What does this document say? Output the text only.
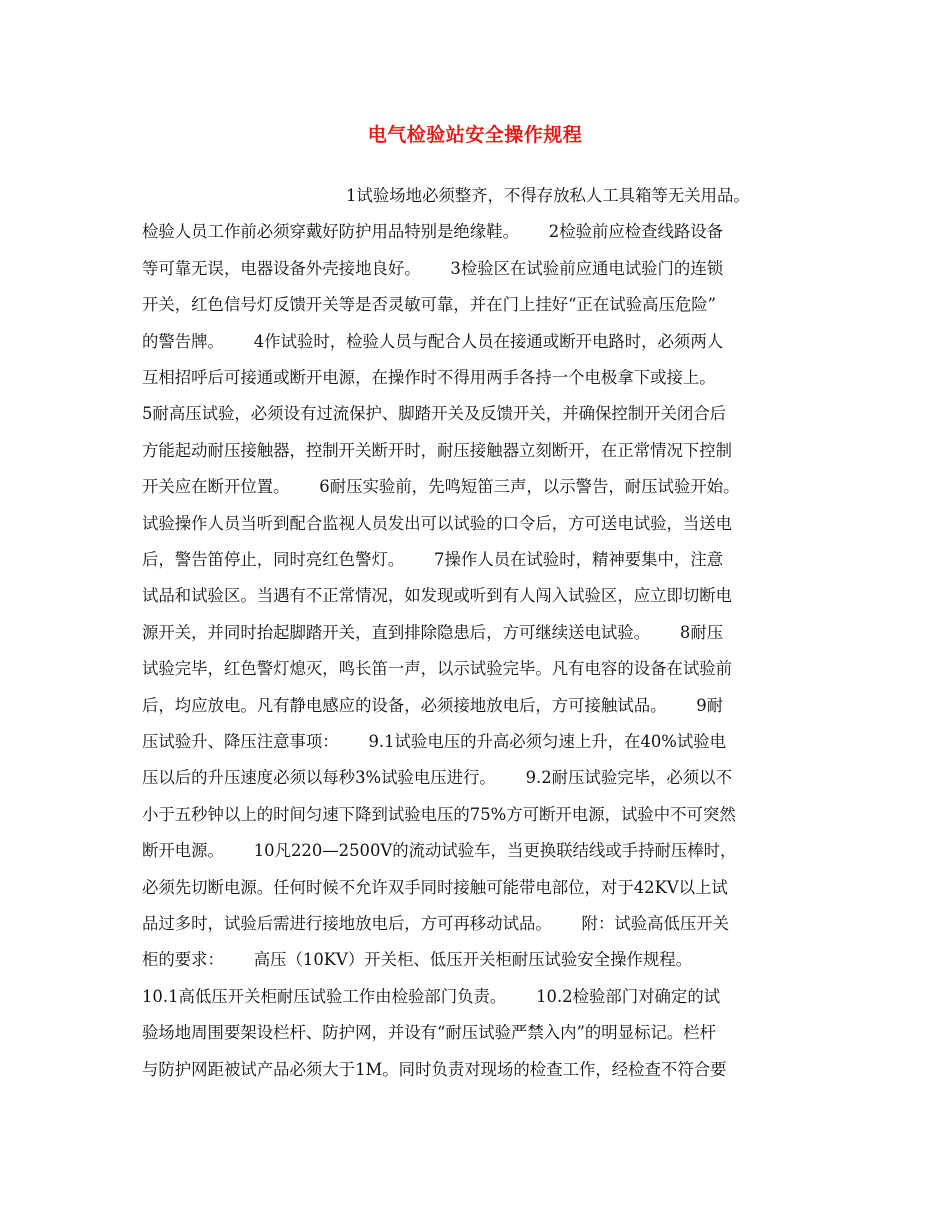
电气检验站安全操作规程
1试验场地必须整齐，不得存放私人工具箱等无关用品。
检验人员工作前必须穿戴好防护用品特别是绝缘鞋。　　 2检验前应检查线路设备
等可靠无误，电器设备外壳接地良好。　　 3检验区在试验前应通电试验门的连锁
开关，红色信号灯反馈开关等是否灵敏可靠，并在门上挂好“正在试验高压危险”
的警告牌。　　 4作试验时，检验人员与配合人员在接通或断开电路时，必须两人
互相招呼后可接通或断开电源，在操作时不得用两手各持一个电极拿下或接上。
5耐高压试验，必须设有过流保护、脚踏开关及反馈开关，并确保控制开关闭合后
方能起动耐压接触器，控制开关断开时，耐压接触器立刻断开，在正常情况下控制
开关应在断开位置。　　 6耐压实验前，先鸣短笛三声，以示警告，耐压试验开始。
试验操作人员当听到配合监视人员发出可以试验的口令后，方可送电试验，当送电
后，警告笛停止，同时亮红色警灯。　　 7操作人员在试验时，精神要集中，注意
试品和试验区。当遇有不正常情况，如发现或听到有人闯入试验区，应立即切断电
源开关，并同时抬起脚踏开关，直到排除隐患后，方可继续送电试验。　　 8耐压
试验完毕，红色警灯熄灭，鸣长笛一声，以示试验完毕。凡有电容的设备在试验前
后，均应放电。凡有静电感应的设备，必须接地放电后，方可接触试品。　　 9耐
压试验升、降压注意事项：　　 9.1试验电压的升高必须匀速上升，在40%试验电
压以后的升压速度必须以每秒3%试验电压进行。　　 9.2耐压试验完毕，必须以不
小于五秒钟以上的时间匀速下降到试验电压的75%方可断开电源，试验中不可突然
断开电源。　　 10凡220—2500V的流动试验车，当更换联结线或手持耐压棒时，
必须先切断电源。任何时候不允许双手同时接触可能带电部位，对于42KV以上试
品过多时，试验后需进行接地放电后，方可再移动试品。　　 附：试验高低压开关
柜的要求：　　 高压（10KV）开关柜、低压开关柜耐压试验安全操作规程。
10.1高低压开关柜耐压试验工作由检验部门负责。　　 10.2检验部门对确定的试
验场地周围要架设栏杆、防护网，并设有“耐压试验严禁入内”的明显标记。栏杆
与防护网距被试产品必须大于1M。同时负责对现场的检查工作，经检查不符合要
